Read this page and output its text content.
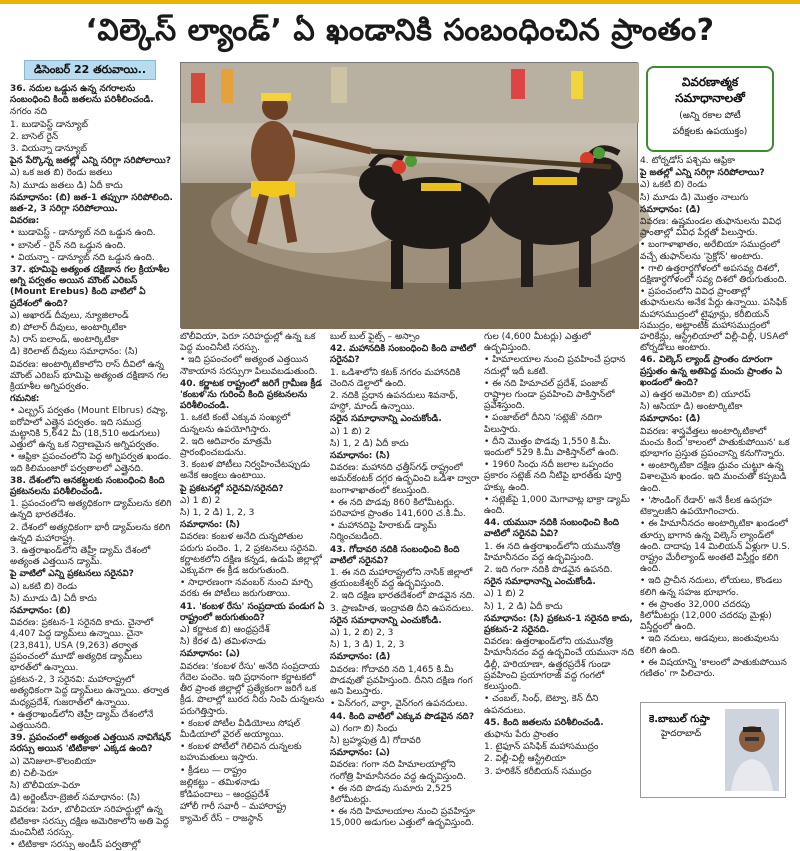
‘విల్కెస్ ల్యాండ్’ ఏ ఖండానికి సంబంధించిన ప్రాంతం?
డిసెంబర్ 22 తరువాయి..

36. నదుల ఒడ్డున ఉన్న నగరాలను సంబంధించి కింది జతలను పరిశీలించండి.

నగరం నది

1. బుడాపెస్ట్ డాన్యూబ్

2. బాసెల్ రైన్

3. వియన్నా డాన్యూబ్

పైన పేర్కొన్న జతల్లో ఎన్ని సరిగ్గా సరిపోలాయి?

ఎ) ఒక జత బి) రెండు జతలు

సి) మూడు జతలు డి) ఏదీ కాదు

సమాధానం: (బి) జత-1 తప్పుగా సరిపోలింది. జత-2, 3 సరిగ్గా సరిపోలాయి.

వివరణ:

• బుడాపెస్ట్ - డాన్యూబ్ నది ఒడ్డున ఉంది.

• బాసెల్ - రైన్ నది ఒడ్డున ఉంది.

• వియన్నా - డాన్యూబ్ నది ఒడ్డున ఉంది.

37. భూమిపై అత్యంత దక్షిణాన గల క్రియాశీల అగ్ని పర్వతం అయిన మౌంట్ ఎరిబస్ (Mount Erebus) కింది వాటిలో ఏ ప్రదేశంలో ఉంది?

ఎ) అఖారడ్ దీవులు, న్యూజిలాండ్

బి) పోలార్ దీవులు, అంటార్కిటికా

సి) రాస్ ఐలాండ్, అంటార్కిటికా

డి) కెరిలాట్ దీవులు సమాధానం: (సి)

వివరణ: అంటార్కిటికాలోని రాస్ దీవిలో ఉన్న మౌంట్ ఎరిబస్ భూమిపై అత్యంత దక్షిణాన గల క్రియాశీల అగ్నిపర్వతం.

గమనిక:

• ఎల్బ్రస్ పర్వతం (Mount Elbrus) రష్యా, ఐరోపాలో ఎత్తైన పర్వతం. ఇది సముద్ర మట్టానికి 5,642 మీ (18,510 అడుగులు) ఎత్తులో ఉన్న ఒక నిద్రాణమైన అగ్నిపర్వతం.

• ఆఫ్రికా ప్రపంచంలోని పెద్ద అగ్నిపర్వత ఖండం. ఇది కిలిమంజారో పర్వతాలలో ఎత్తైనది.

38. దేశంలోని ఆనకట్టలకు సంబంధించి కింది ప్రకటనలను పరిశీలించండి.

1. ప్రపంచంలోని అత్యధికంగా డ్యామ్‌లను కలిగి ఉన్నది భారతదేశం.

2. దేశంలో అత్యధికంగా భారీ డ్యామ్‌లను కలిగి ఉన్నది మహారాష్ట్ర.

3. ఉత్తరాఖండ్‌లోని తెహ్రీ డ్యామ్ దేశంలో అత్యంత ఎత్తయిన డ్యామ్.

పై వాటిలో ఎన్ని ప్రకటనలు సరైనవి?

ఎ) ఒకటి బి) రెండు

సి) మూడు డి) ఏదీ కాదు

సమాధానం: (బి)

వివరణ: ప్రకటన-1 సరైనది కాదు. చైనాలో 4,407 పెద్ద డ్యామ్‌లు ఉన్నాయి. చైనా (23,841), USA (9,263) తర్వాత ప్రపంచంలో మూడో అత్యధిక డ్యామ్‌లు భారత్‌లో ఉన్నాయి.

ప్రకటన-2, 3 సరైనవి: మహారాష్ట్రలో అత్యధికంగా పెద్ద డ్యామ్‌లు ఉన్నాయి. తర్వాత మధ్యప్రదేశ్, గుజరాత్‌లో ఉన్నాయి.

• ఉత్తరాఖండ్‌లోని తెహ్రీ డ్యామ్ దేశంలోనే ఎత్తయినది.

39. ప్రపంచంలో అత్యంత ఎత్తయిన నావిగేషన్ సరస్సు అయిన 'టిటికాకా' ఎక్కడ ఉంది?

ఎ) వెనిజులా-కొలంబియా

బి) చిలీ-పెరూ

సి) బొలీవియా-పెరూ

డి) అర్జెంటీనా-బ్రెజిల్ సమాధానం: (సి)

వివరణ: పెరూ, బొలీవియా సరిహద్దుల్లో ఉన్న టిటికాకా సరస్సు దక్షిణ అమెరికాలోని అతి పెద్ద మంచినీటి సరస్సు.

• టిటికాకా సరస్సు అండీస్ పర్వతాల్లో

వివరణాత్మక
సమాధానాలతో
(అన్ని రకాల పోటీ
పరీక్షలకు ఉపయుక్తం)

బొలీవియా, పెరూ సరిహద్దుల్లో ఉన్న ఒక పెద్ద మంచినీటి సరస్సు.

• ఇది ప్రపంచంలో అత్యంత ఎత్తయిన నౌకాయాన సరస్సుగా పిలువబడుతుంది.

40. కర్ణాటక రాష్ట్రంలో జరిగే గ్రామీణ క్రీడ 'కంబళ'ను గురించి కింది ప్రకటనలను పరిశీలించండి.

1. ఒకటి కంటే ఎక్కువ సంఖ్యలో దున్నలను ఉపయోగిస్తారు.

2. ఇది ఆదివారం మాత్రమే ప్రారంభించబడును.

3. కంబళ పోటీలు నిర్వహించేటప్పుడు అనేక ఆంక్షలు ఉంటాయి.

పై ప్రకటనల్లో సరైనవి/సరైనది?

ఎ) 1 బి) 2

సి) 1, 2 డి) 1, 2, 3

సమాధానం: (సి)

వివరణ: కంబళ అనేది దున్నపోతుల పరుగు పందెం. 1, 2 ప్రకటనలు సరైనవి. కర్ణాటకలోని దక్షిణ కన్నడ, ఉడుపి జిల్లాల్లో ఎక్కువగా ఈ క్రీడ జరుగుతుంది.

• సాధారణంగా నవంబర్ నుంచి మార్చి వరకు ఈ పోటీలు జరుగుతాయి.

41. 'కంబళ రేసు' సంప్రదాయ పండుగ ఏ రాష్ట్రంలో జరుగుతుంది?

ఎ) కర్ణాటక బి) ఆంధ్రప్రదేశ్

సి) కేరళ డి) తమిళనాడు

సమాధానం: (ఎ)

వివరణ: 'కంబళ రేసు' అనేది సంప్రదాయ గేదెల పందెం. ఇది ప్రధానంగా కర్ణాటకలో తీర ప్రాంత జిల్లాల్లో ప్రత్యేకంగా జరిగే ఒక క్రీడ. పొలాల్లో బురద నీరు నింపి దున్నలను పరుగెత్తిస్తారు.

• కంబళ పోటీల వీడియోలు సోషల్ మీడియాలో వైరల్ అయ్యాయి.

• కంబళ పోటీలో గెలిచిన దున్నలకు బహుమతులు ఇస్తారు.

• క్రీడలు — రాష్ట్రం

జల్లికట్టు – తమిళనాడు

కోడిపందాలు – ఆంధ్రప్రదేశ్

హోలీ గారీ సవారీ – మహారాష్ట్ర

క్యామెల్ రేస్ – రాజస్థాన్

బుల్ బుల్ ఫైట్స్ – అస్సాం

42. మహానదికి సంబంధించి కింది వాటిలో సరైనవి?

1. ఒడిశాలోని కటక్ నగరం మహానదికి చెందిన డెల్టాలో ఉంది.

2. నదికి ప్రధాన ఉపనదులు శివనాథ్, హస్దో, మాండ్ ఉన్నాయి.

సరైన సమాధానాన్ని ఎంచుకోండి.

ఎ) 1 బి) 2

సి) 1, 2 డి) ఏదీ కాదు

సమాధానం: (సి)

వివరణ: మహానది ఛత్తీస్‌గఢ్ రాష్ట్రంలో అమర్‌కంటక్ దగ్గర ఉద్భవించి ఒడిశా ద్వారా బంగాళాఖాతంలో కలుస్తుంది.

• ఈ నది పొడవు 860 కిలోమీటర్లు. పరివాహక ప్రాంతం 141,600 చ.కి.మీ.

• మహానదిపై హిరాకుడ్ డ్యామ్ నిర్మించబడింది.

43. గోదావరి నదికి సంబంధించి కింది వాటిలో సరైనవి?

1. ఈ నది మహారాష్ట్రలోని నాసిక్ జిల్లాలో త్రయంబకేశ్వర్ వద్ద ఉద్భవిస్తుంది.

2. ఇది దక్షిణ భారతదేశంలో పొడవైన నది.

3. ప్రాణహిత, ఇంద్రావతి దీని ఉపనదులు.

సరైన సమాధానాన్ని ఎంచుకోండి.

ఎ) 1, 2 బి) 2, 3

సి) 1, 3 డి) 1, 2, 3

సమాధానం: (డి)

వివరణ: గోదావరి నది 1,465 కి.మీ పొడవుతో ప్రవహిస్తుంది. దీనిని దక్షిణ గంగ అని పిలుస్తారు.

• పెన్‌గంగ, వార్ధా, వైన్‌గంగ ఉపనదులు.

44. కింది వాటిలో ఎక్కువ పొడవైన నది?

ఎ) గంగా బి) సింధు

సి) బ్రహ్మపుత్ర డి) గోదావరి

సమాధానం: (ఎ)

వివరణ: గంగా నది హిమాలయాల్లోని గంగోత్రి హిమానీనదం వద్ద ఉద్భవిస్తుంది.

• ఈ నది పొడవు సుమారు 2,525 కిలోమీటర్లు.

• ఈ నది హిమాలయాల నుంచి ప్రవహిస్తూ 15,000 అడుగుల ఎత్తులో ఉద్భవిస్తుంది.

గుల (4,600 మీటర్లు) ఎత్తులో ఉద్భవిస్తుంది.

• హిమాలయాల నుంచి ప్రవహించే ప్రధాన నదుల్లో ఇదీ ఒకటి.

• ఈ నది హిమాచల్ ప్రదేశ్, పంజాబ్ రాష్ట్రాల గుండా ప్రవహించి పాకిస్తాన్‌లో ప్రవేశిస్తుంది.

• పంజాబ్‌లో దీనిని 'సట్లెజ్' నదిగా పిలుస్తారు.

• దీని మొత్తం పొడవు 1,550 కి.మీ. ఇందులో 529 కి.మీ పాకిస్తాన్‌లో ఉంది.

• 1960 సింధు నదీ జలాల ఒప్పందం ప్రకారం సట్లెజ్ నది నీటిపై భారత్‌కు పూర్తి హక్కు ఉంది.

• సట్లెజ్‌పై 1,000 మెగావాట్ల భాక్రా డ్యామ్ ఉంది.

44. యమునా నదికి సంబంధించి కింది వాటిలో సరైనవి ఏవి?

1. ఈ నది ఉత్తరాఖండ్‌లోని యమునోత్రి హిమానీనదం వద్ద ఉద్భవిస్తుంది.

2. ఇది గంగా నదికి పొడవైన ఉపనది.

సరైన సమాధానాన్ని ఎంచుకోండి.

ఎ) 1 బి) 2

సి) 1, 2 డి) ఏదీ కాదు

సమాధానం: (సి) ప్రకటన-1 సరైనది కాదు, ప్రకటన-2 సరైనది.

వివరణ: ఉత్తరాఖండ్‌లోని యమునోత్రి హిమానీనదం వద్ద ఉద్భవించే యమునా నది ఢిల్లీ, హరియాణా, ఉత్తరప్రదేశ్ గుండా ప్రవహించి ప్రయాగరాజ్ వద్ద గంగలో కలుస్తుంది.

• చంబల్, సింధ్, బెట్వా, కెన్ దీని ఉపనదులు.

45. కింది జతలను పరిశీలించండి.

తుఫాను పేరు ప్రాంతం

1. టైఫూన్ పసిఫిక్ మహాసముద్రం

2. విల్లీ-విల్లీ ఆస్ట్రేలియా

3. హరికేన్ కరీబియన్ సముద్రం

4. టోర్నడోస్ పశ్చిమ ఆఫ్రికా

పై జతల్లో ఎన్ని సరిగ్గా సరిపోలాయి?

ఎ) ఒకటి బి) రెండు

సి) మూడు డి) మొత్తం నాలుగు

సమాధానం: (డి)

వివరణ: ఉష్ణమండల తుఫానులను వివిధ ప్రాంతాల్లో వివిధ పేర్లతో పిలుస్తారు.

• బంగాళాఖాతం, అరేబియా సముద్రంలో వచ్చే తుఫాన్‌లను 'సైక్లోన్' అంటారు.

• గాలి ఉత్తరార్ధగోళంలో అపసవ్య దిశలో, దక్షిణార్ధగోళంలో సవ్య దిశలో తిరుగుతుంది.

• ప్రపంచంలోని వివిధ ప్రాంతాల్లో తుఫానులను అనేక పేర్లు ఉన్నాయి. పసిఫిక్ మహాసముద్రంలో టైఫూన్లు, కరీబియన్ సముద్రం, అట్లాంటిక్ మహాసముద్రంలో హరికేన్లు, ఆస్ట్రేలియాలో విల్లీ-విల్లీ, USAలో టోర్నడోలు అంటారు.

46. విల్కెస్ ల్యాండ్ ప్రాంతం దూరంగా ప్రస్తుతం ఉన్న అతిపెద్ద మంచు ప్రాంతం ఏ ఖండంలో ఉంది?

ఎ) ఉత్తర అమెరికా బి) యూరప్

సి) ఆసియా డి) అంటార్కిటికా

సమాధానం: (డి)

వివరణ: శాస్త్రవేత్తలు అంటార్కిటికాలో మంచు కింద 'కాలంలో పాతుకుపోయిన' ఒక భూభాగం ప్రస్తుత ప్రపంచాన్ని కనుగొన్నారు.

• అంటార్కిటికా దక్షిణ ధ్రువం చుట్టూ ఉన్న విశాలమైన ఖండం. ఇది మంచుతో కప్పబడి ఉంది.

• 'సౌండింగ్ రేడార్' అనే కీలక ఉపగ్రహ టెక్నాలజీని ఉపయోగించారు.

• ఈ హిమానీనదం అంటార్కిటికా ఖండంలో తూర్పు భాగాన ఉన్న విల్కెస్ ల్యాండ్‌లో ఉంది. దాదాపు 14 మిలియన్ ఏళ్లుగా U.S. రాష్ట్రం మేరీల్యాండ్ అంతటి విస్తీర్ణం కలిగి ఉంది.

• ఇది ప్రాచీన నదులు, లోయలు, కొండలు కలిగి ఉన్న సహజ భూభాగం.

• ఈ ప్రాంతం 32,000 చదరపు కిలోమీటర్లు (12,000 చదరపు మైళ్లు) విస్తీర్ణంలో ఉంది.

• ఇది నదులు, అడవులు, జంతువులను కలిగి ఉంది.

• ఈ విషయాన్ని 'కాలంలో పాతుకుపోయిన గణితం' గా పిలిచారు.

కె.బాబుల్ గుప్తా
హైదరాబాద్
